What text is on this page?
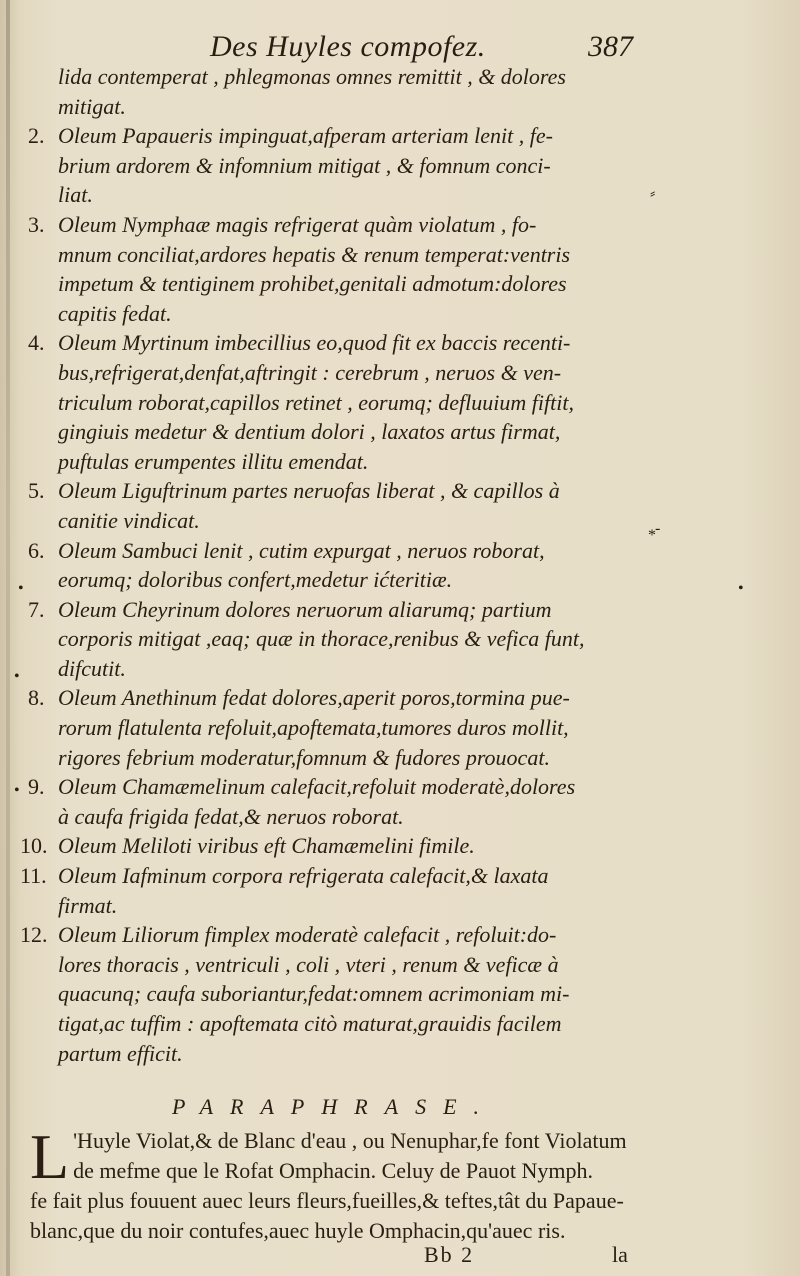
Des Huyles compofez.	387
lida contemperat , phlegmonas omnes remittit , & dolores
mitigat.
2. Oleum Papaueris impinguat,afperam arteriam lenit , fe-
brium ardorem & infomnium mitigat , & fomnum conci-
liat.
3. Oleum Nymphaæ magis refrigerat quàm violatum , fo-
mnum conciliat,ardores hepatis & renum temperat:ventris
impetum & tentiginem prohibet,genitali admotum:dolores
capitis fedat.
4. Oleum Myrtinum imbecillius eo,quod fit ex baccis recenti-
bus,refrigerat,denfat,aftringit : cerebrum , neruos & ven-
triculum roborat,capillos retinet , eorumq; defluuium fiftit,
gingiuis medetur & dentium dolori , laxatos artus firmat,
puftulas erumpentes illitu emendat.
5. Oleum Liguftrinum partes neruofas liberat , & capillos à
canitie vindicat.
6. Oleum Sambuci lenit , cutim expurgat , neruos roborat,
eorumq; doloribus confert,medetur ićteritiæ.
7. Oleum Cheyrinum dolores neruorum aliarumq; partium
corporis mitigat ,eaq; quæ in thorace,renibus & vefica funt,
difcutit.
8. Oleum Anethinum fedat dolores,aperit poros,tormina pue-
rorum flatulenta refoluit,apoftemata,tumores duros mollit,
rigores febrium moderatur,fomnum & fudores prouocat.
9. Oleum Chamæmelinum calefacit,refoluit moderatè,dolores
à caufa frigida fedat,& neruos roborat.
10. Oleum Meliloti viribus eft Chamæmelini fimile.
11. Oleum Iafminum corpora refrigerata calefacit,& laxata
firmat.
12. Oleum Liliorum fimplex moderatè calefacit , refoluit:do-
lores thoracis , ventriculi , coli , vteri , renum & veficæ à
quacunq; caufa suboriantur,fedat:omnem acrimoniam mi-
tigat,ac tuffim : apoftemata citò maturat,grauidis facilem
partum efficit.
⸗
* ‑
•
•
•
•
PARAPHRASE.
L 'Huyle Violat,& de Blanc d'eau , ou Nenuphar,fe font Violatum
de mefme que le Rofat Omphacin. Celuy de Pauot Nymph.
fe fait plus fouuent auec leurs fleurs,fueilles,& teftes,tât du Papaue-
blanc,que du noir contufes,auec huyle Omphacin,qu'auec ris.
Bb 2	la
